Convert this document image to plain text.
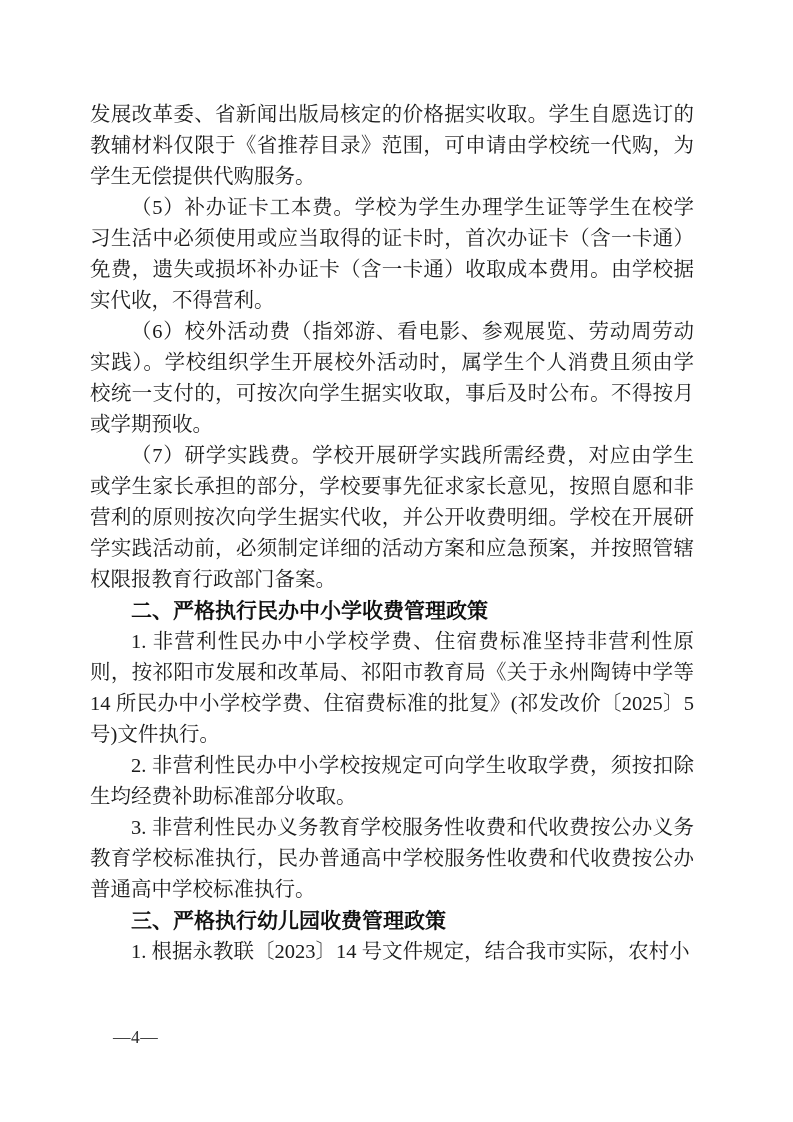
发展改革委、省新闻出版局核定的价格据实收取。学生自愿选订的教辅材料仅限于《省推荐目录》范围，可申请由学校统一代购，为学生无偿提供代购服务。

（5）补办证卡工本费。学校为学生办理学生证等学生在校学习生活中必须使用或应当取得的证卡时，首次办证卡（含一卡通）免费，遗失或损坏补办证卡（含一卡通）收取成本费用。由学校据实代收，不得营利。

（6）校外活动费（指郊游、看电影、参观展览、劳动周劳动实践）。学校组织学生开展校外活动时，属学生个人消费且须由学校统一支付的，可按次向学生据实收取，事后及时公布。不得按月或学期预收。

（7）研学实践费。学校开展研学实践所需经费，对应由学生或学生家长承担的部分，学校要事先征求家长意见，按照自愿和非营利的原则按次向学生据实代收，并公开收费明细。学校在开展研学实践活动前，必须制定详细的活动方案和应急预案，并按照管辖权限报教育行政部门备案。

二、严格执行民办中小学收费管理政策

1. 非营利性民办中小学校学费、住宿费标准坚持非营利性原则，按祁阳市发展和改革局、祁阳市教育局《关于永州陶铸中学等 14 所民办中小学校学费、住宿费标准的批复》(祁发改价〔2025〕5 号)文件执行。

2. 非营利性民办中小学校按规定可向学生收取学费，须按扣除生均经费补助标准部分收取。

3. 非营利性民办义务教育学校服务性收费和代收费按公办义务教育学校标准执行，民办普通高中学校服务性收费和代收费按公办普通高中学校标准执行。

三、严格执行幼儿园收费管理政策

1. 根据永教联〔2023〕14 号文件规定，结合我市实际，农村小

—4—
